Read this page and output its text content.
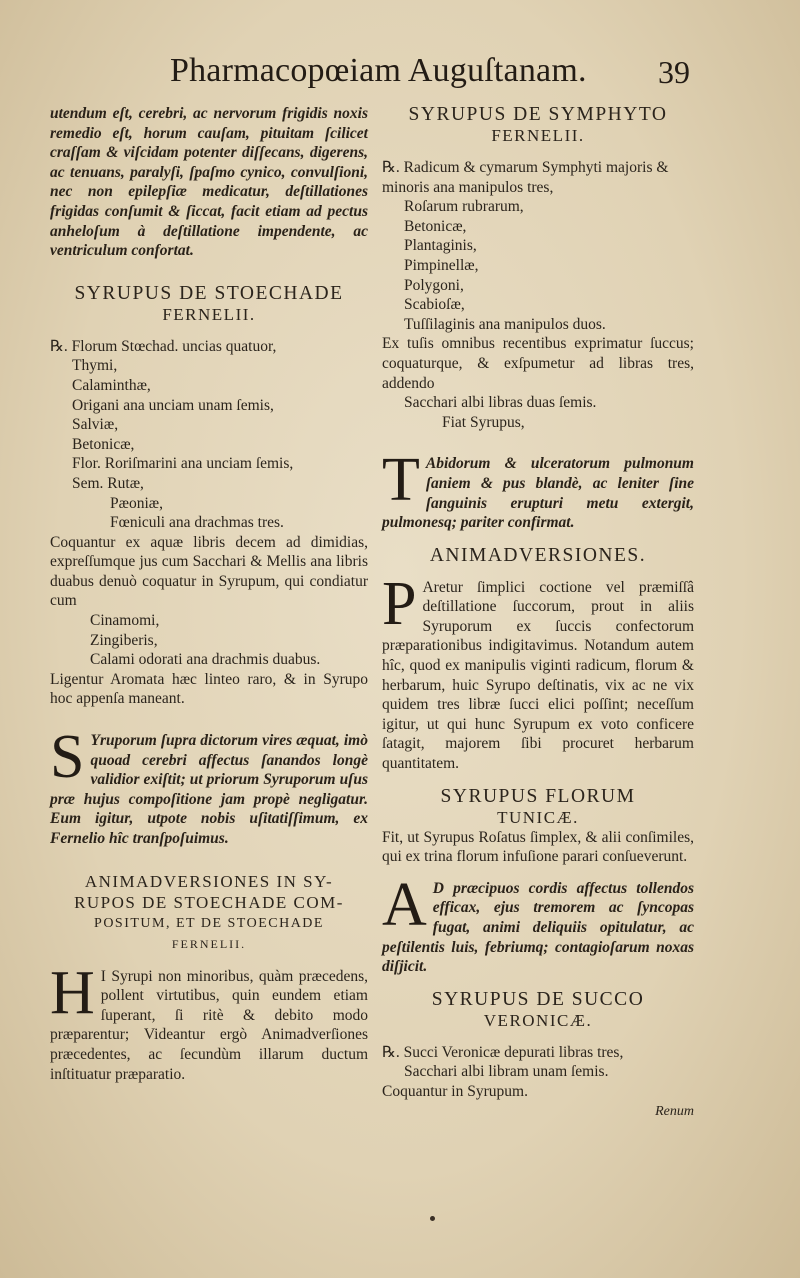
Pharmacopœiam Auguſtanam. 39

utendum eſt, cerebri, ac nervorum frigidis noxis remedio eſt, horum cauſam, pituitam ſcilicet craſſam & viſcidam potenter diſſecans, digerens, ac tenuans, paralyſi, ſpaſmo cynico, convulſioni, nec non epilepſiæ medicatur, deſtillationes frigidas conſumit & ſiccat, facit etiam ad pectus anheloſum à deſtillatione impendente, ac ventriculum confortat.

SYRUPUS DE STOECHADE

FERNELII.

℞. Florum Stœchad. uncias quatuor,

Thymi,

Calaminthæ,

Origani ana unciam unam ſemis,

Salviæ,

Betonicæ,

Flor. Roriſmarini ana unciam ſemis,

Sem. Rutæ,

Pæoniæ,

Fœniculi ana drachmas tres.

Coquantur ex aquæ libris decem ad dimidias, expreſſumque jus cum Sacchari & Mellis ana libris duabus denuò coquatur in Syrupum, qui condiatur cum

Cinamomi,

Zingiberis,

Calami odorati ana drachmis duabus.

Ligentur Aromata hæc linteo raro, & in Syrupo hoc appenſa maneant.

S Yruporum ſupra dictorum vires æquat, imò quoad cerebri affectus ſanandos longè validior exiſtit; ut priorum Syruporum uſus præ hujus compoſitione jam propè negligatur. Eum igitur, utpote nobis uſitatiſſimum, ex Fernelio hîc tranſpoſuimus.

ANIMADVERSIONES IN SY-

RUPOS DE STOECHADE COM-

POSITUM, ET DE STOECHADE

FERNELII.

H I Syrupi non minoribus, quàm præcedens, pollent virtutibus, quin eundem etiam ſuperant, ſi ritè & debito modo præparentur; Videantur ergò Animadverſiones præcedentes, ac ſecundùm illarum ductum inſtituatur præparatio.

SYRUPUS DE SYMPHYTO

FERNELII.

℞. Radicum & cymarum Symphyti majoris & minoris ana manipulos tres,

Roſarum rubrarum,

Betonicæ,

Plantaginis,

Pimpinellæ,

Polygoni,

Scabioſæ,

Tuſſilaginis ana manipulos duos.

Ex tuſis omnibus recentibus exprimatur ſuccus; coquaturque, & exſpumetur ad libras tres, addendo

Sacchari albi libras duas ſemis.

Fiat Syrupus,

T Abidorum & ulceratorum pulmonum ſaniem & pus blandè, ac leniter ſine ſanguinis erupturi metu extergit, pulmonesq; pariter confirmat.

ANIMADVERSIONES.

P Aretur ſimplici coctione vel præmiſſâ deſtillatione ſuccorum, prout in aliis Syruporum ex ſuccis confectorum præparationibus indigitavimus. Notandum autem hîc, quod ex manipulis viginti radicum, florum & herbarum, huic Syrupo deſtinatis, vix ac ne vix quidem tres libræ ſucci elici poſſint; neceſſum igitur, ut qui hunc Syrupum ex voto conficere ſatagit, majorem ſibi procuret herbarum quantitatem.

SYRUPUS FLORUM

TUNICÆ.

Fit, ut Syrupus Roſatus ſimplex, & alii conſimiles, qui ex trina florum infuſione parari conſueverunt.

A D præcipuos cordis affectus tollendos efficax, ejus tremorem ac ſyncopas fugat, animi deliquiis opitulatur, ac peſtilentis luis, febriumq; contagioſarum noxas diſjicit.

SYRUPUS DE SUCCO

VERONICÆ.

℞. Succi Veronicæ depurati libras tres,

Sacchari albi libram unam ſemis.

Coquantur in Syrupum.

Renum
